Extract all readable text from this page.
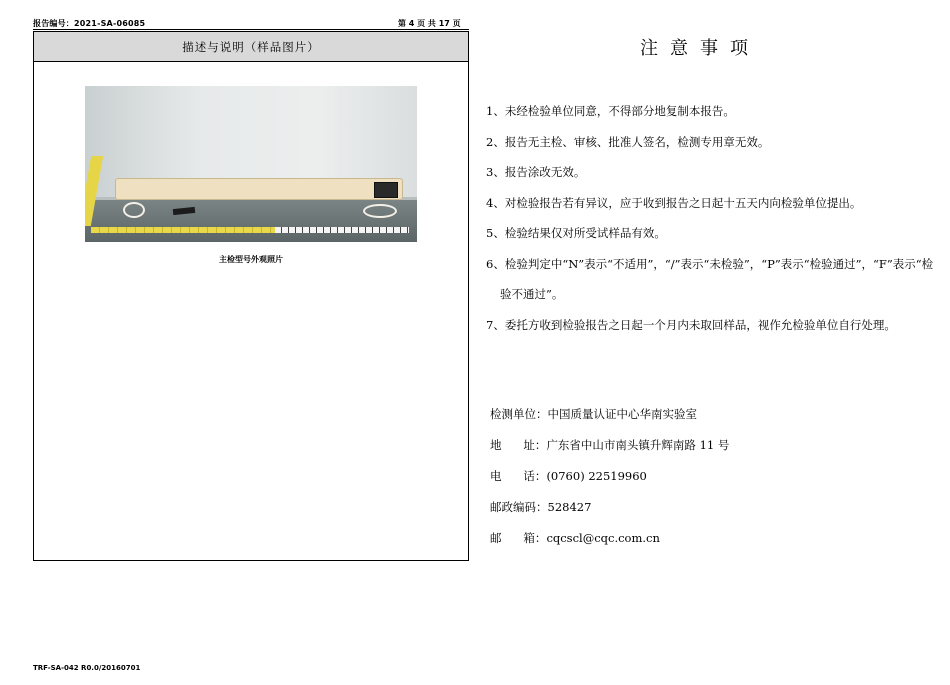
报告编号：2021-SA-06085	第 4 页 共 17 页
描述与说明（样品图片）
主检型号外观照片
注意事项
1、未经检验单位同意，不得部分地复制本报告。
2、报告无主检、审核、批准人签名，检测专用章无效。
3、报告涂改无效。
4、对检验报告若有异议，应于收到报告之日起十五天内向检验单位提出。
5、检验结果仅对所受试样品有效。
6、检验判定中“N”表示“不适用”，“/”表示“未检验”，“P”表示“检验通过”，“F”表示“检验不通过”。
7、委托方收到检验报告之日起一个月内未取回样品，视作允检验单位自行处理。
检测单位： 中国质量认证中心华南实验室
地      址： 广东省中山市南头镇升辉南路 11 号
电      话： (0760) 22519960
邮政编码： 528427
邮      箱： cqcscl@cqc.com.cn
TRF-SA-042 R0.0/20160701
